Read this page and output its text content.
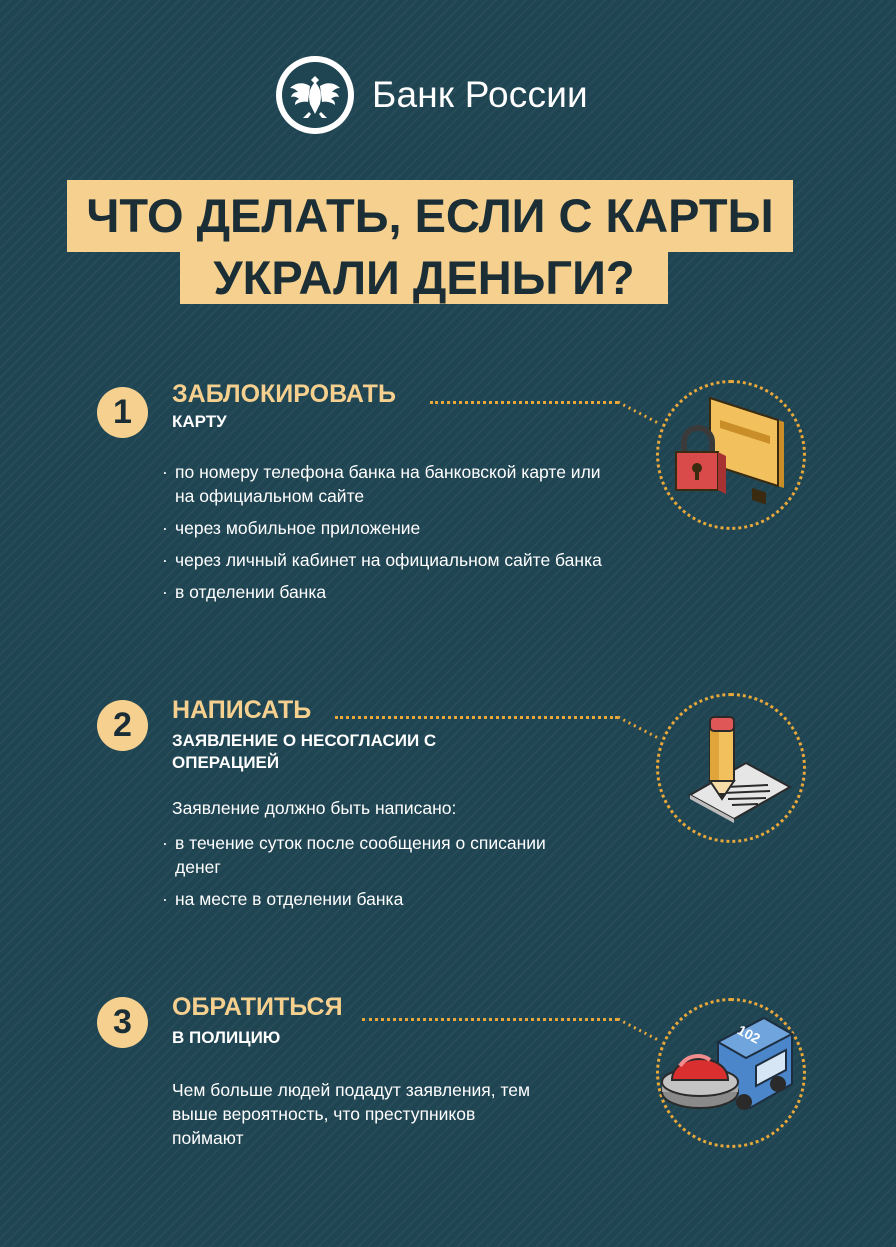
Банк России
ЧТО ДЕЛАТЬ, ЕСЛИ С КАРТЫ
УКРАЛИ ДЕНЬГИ?
1	ЗАБЛОКИРОВАТЬ
КАРТУ
· по номеру телефона банка на банковской карте или на официальном сайте
· через мобильное приложение
· через личный кабинет на официальном сайте банка
· в отделении банка
2	НАПИСАТЬ
ЗАЯВЛЕНИЕ О НЕСОГЛАСИИ С ОПЕРАЦИЕЙ
Заявление должно быть написано:
· в течение суток после сообщения о списании денег
· на месте в отделении банка
3	ОБРАТИТЬСЯ
В ПОЛИЦИЮ
Чем больше людей подадут заявления, тем выше вероятность, что преступников поймают
102
